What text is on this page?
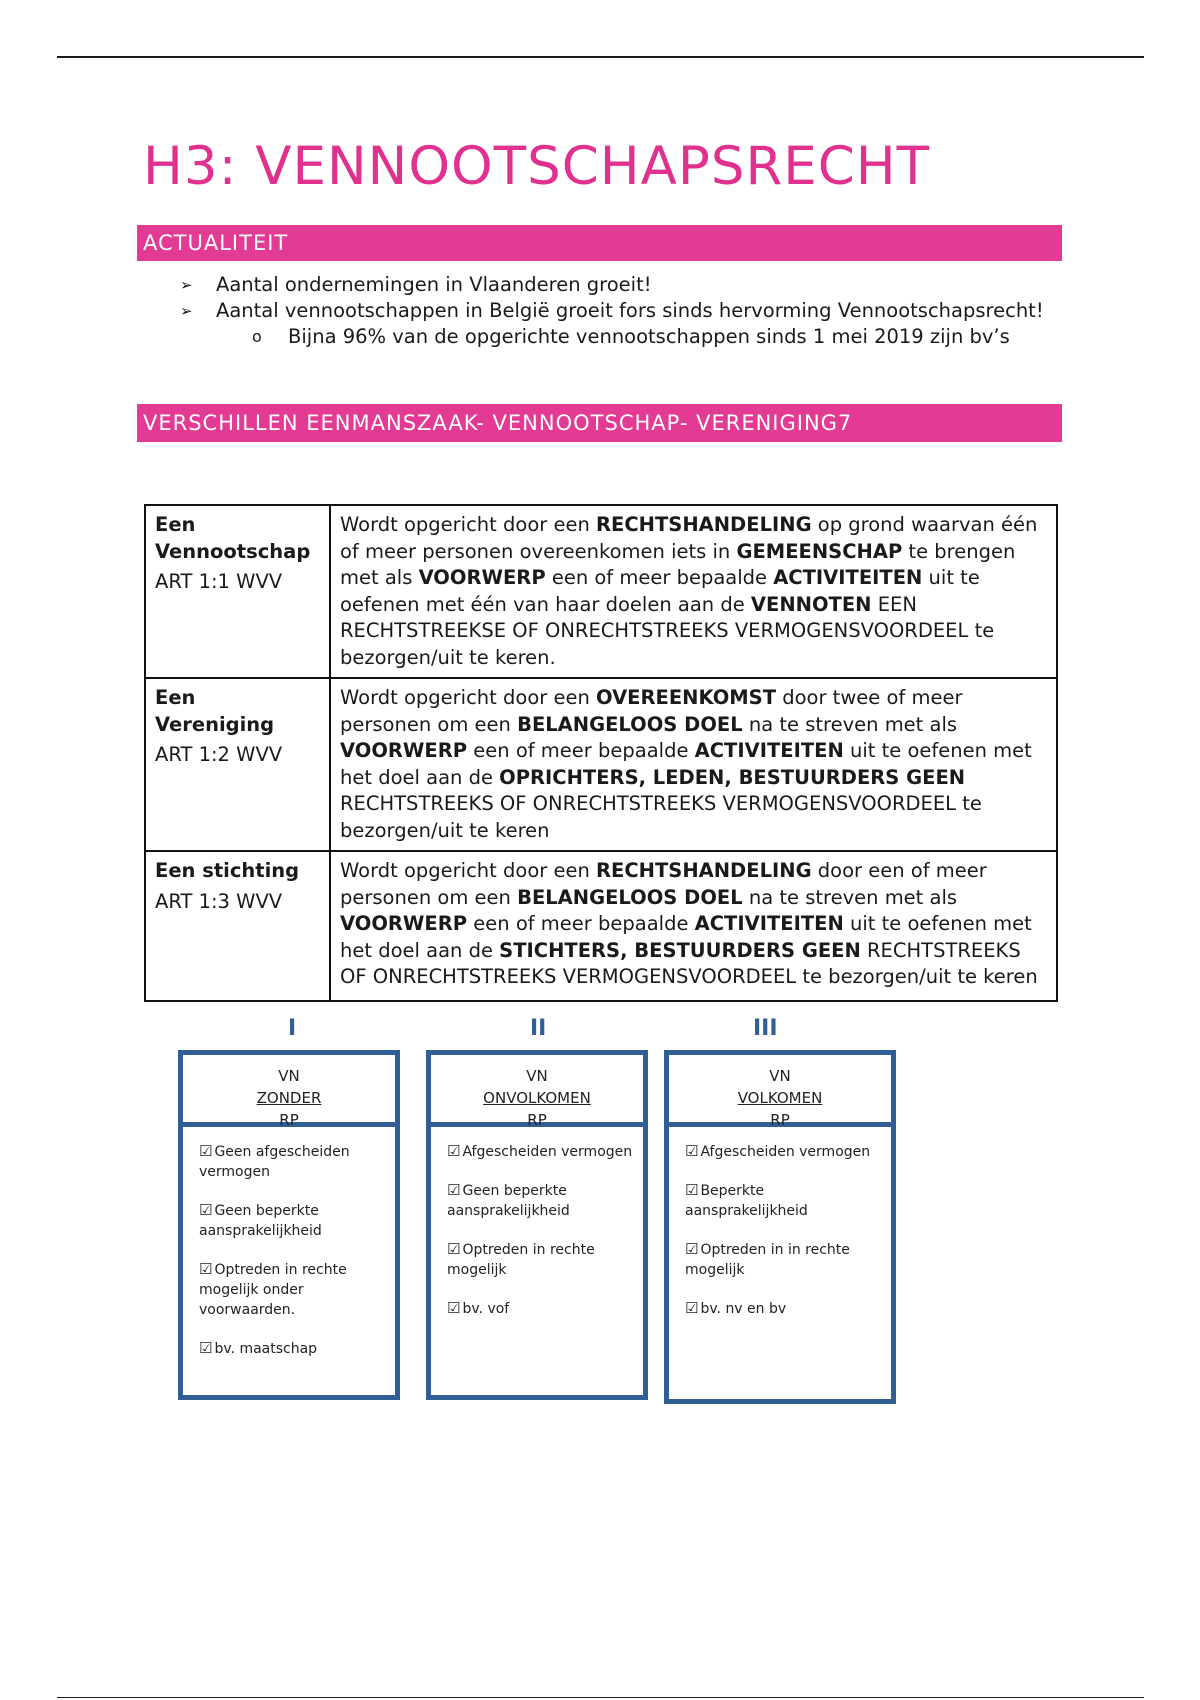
H3: VENNOOTSCHAPSRECHT
ACTUALITEIT
➢ Aantal ondernemingen in Vlaanderen groeit!
➢ Aantal vennootschappen in België groeit fors sinds hervorming Vennootschapsrecht!
o Bijna 96% van de opgerichte vennootschappen sinds 1 mei 2019 zijn bv’s
VERSCHILLEN EENMANSZAAK- VENNOOTSCHAP- VERENIGING7
Een Vennootschap
ART 1:1 WVV	Wordt opgericht door een RECHTSHANDELING op grond waarvan één of meer personen overeenkomen iets in GEMEENSCHAP te brengen met als VOORWERP een of meer bepaalde ACTIVITEITEN uit te oefenen met één van haar doelen aan de VENNOTEN EEN RECHTSTREEKSE OF ONRECHTSTREEKS VERMOGENSVOORDEEL te bezorgen/uit te keren.

Een Vereniging
ART 1:2 WVV	Wordt opgericht door een OVEREENKOMST door twee of meer personen om een BELANGELOOS DOEL na te streven met als VOORWERP een of meer bepaalde ACTIVITEITEN uit te oefenen met het doel aan de OPRICHTERS, LEDEN, BESTUURDERS GEEN RECHTSTREEKS OF ONRECHTSTREEKS VERMOGENSVOORDEEL te bezorgen/uit te keren

Een stichting
ART 1:3 WVV	Wordt opgericht door een RECHTSHANDELING door een of meer personen om een BELANGELOOS DOEL na te streven met als VOORWERP een of meer bepaalde ACTIVITEITEN uit te oefenen met het doel aan de STICHTERS, BESTUURDERS GEEN RECHTSTREEKS OF ONRECHTSTREEKS VERMOGENSVOORDEEL te bezorgen/uit te keren
I
VN
ZONDER
RP
☑ Geen afgescheiden vermogen
☑ Geen beperkte aansprakelijkheid
☑ Optreden in rechte mogelijk onder voorwaarden.
☑ bv. maatschap
II
VN
ONVOLKOMEN
RP
☑ Afgescheiden vermogen
☑ Geen beperkte aansprakelijkheid
☑ Optreden in rechte mogelijk
☑ bv. vof
III
VN
VOLKOMEN
RP
☑ Afgescheiden vermogen
☑ Beperkte aansprakelijkheid
☑ Optreden in in rechte mogelijk
☑ bv. nv en bv
